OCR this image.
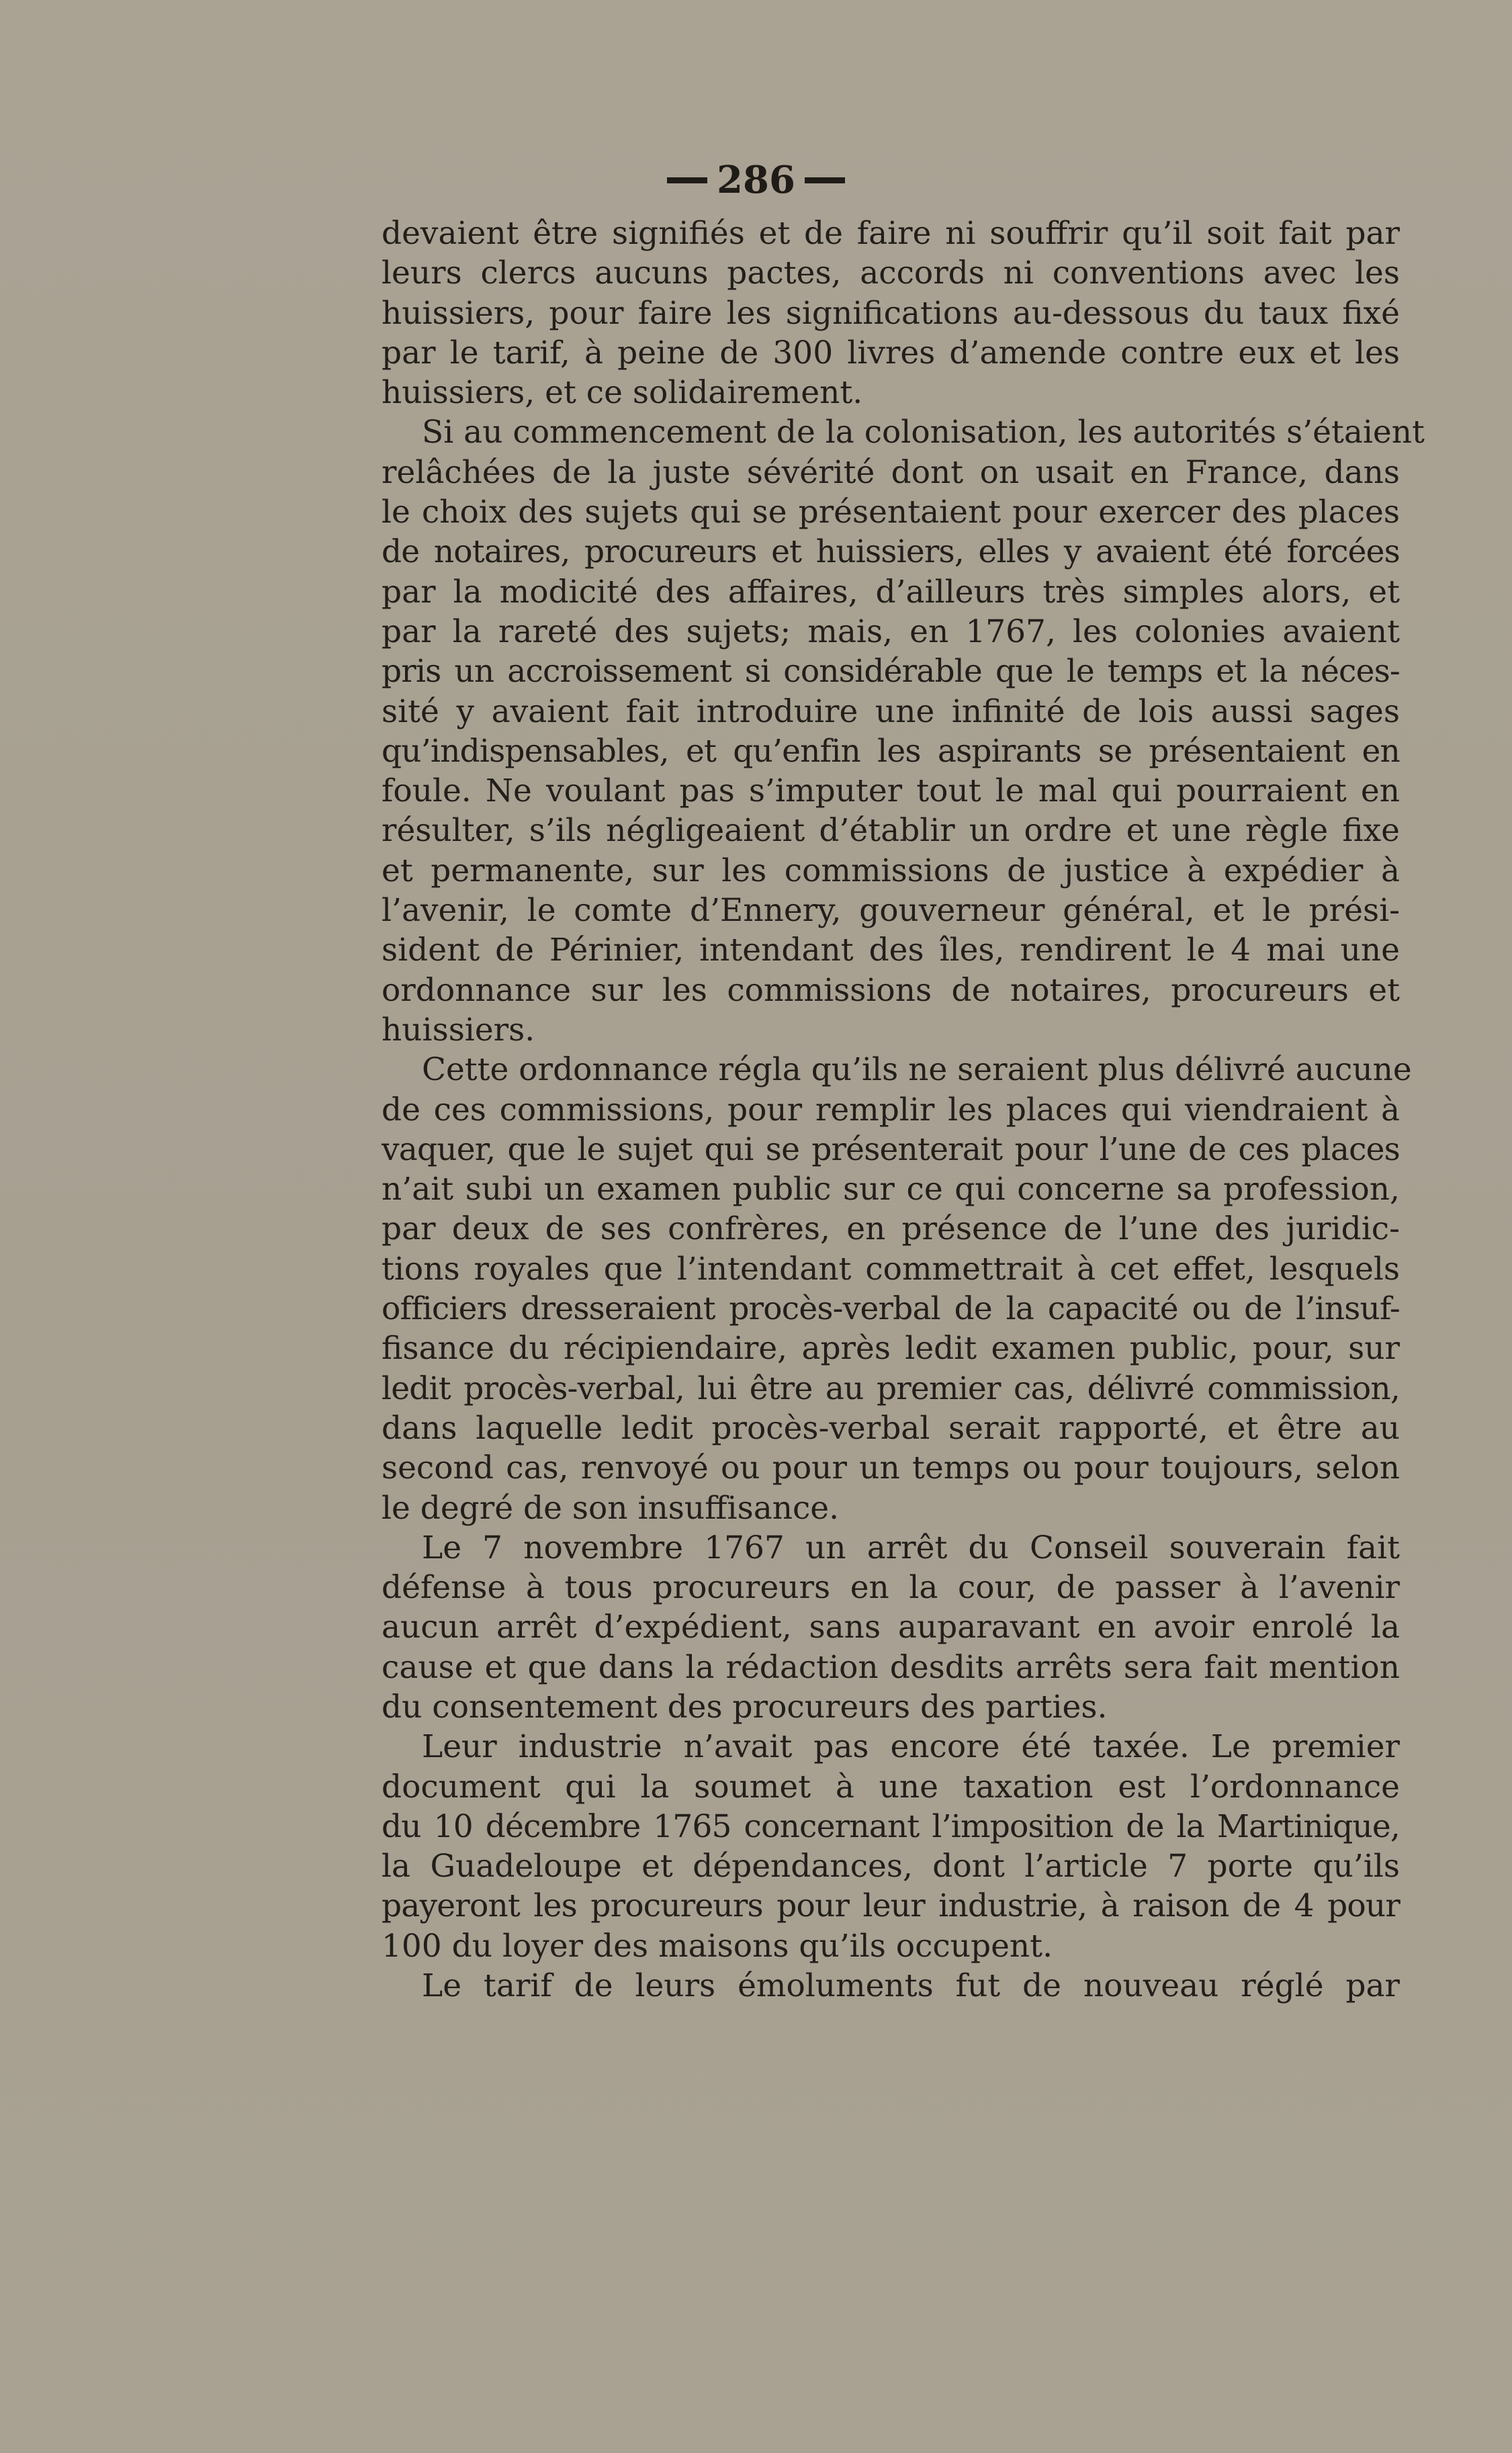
286
devaient être signifiés et de faire ni souffrir qu’il soit fait par
leurs clercs aucuns pactes, accords ni conventions avec les
huissiers, pour faire les significations au-dessous du taux fixé
par le tarif, à peine de 300 livres d’amende contre eux et les
huissiers, et ce solidairement.
Si au commencement de la colonisation, les autorités s’étaient
relâchées de la juste sévérité dont on usait en France, dans
le choix des sujets qui se présentaient pour exercer des places
de notaires, procureurs et huissiers, elles y avaient été forcées
par la modicité des affaires, d’ailleurs très simples alors, et
par la rareté des sujets; mais, en 1767, les colonies avaient
pris un accroissement si considérable que le temps et la néces-
sité y avaient fait introduire une infinité de lois aussi sages
qu’indispensables, et qu’enfin les aspirants se présentaient en
foule. Ne voulant pas s’imputer tout le mal qui pourraient en
résulter, s’ils négligeaient d’établir un ordre et une règle fixe
et permanente, sur les commissions de justice à expédier à
l’avenir, le comte d’Ennery, gouverneur général, et le prési-
sident de Périnier, intendant des îles, rendirent le 4 mai une
ordonnance sur les commissions de notaires, procureurs et
huissiers.
Cette ordonnance régla qu’ils ne seraient plus délivré aucune
de ces commissions, pour remplir les places qui viendraient à
vaquer, que le sujet qui se présenterait pour l’une de ces places
n’ait subi un examen public sur ce qui concerne sa profession,
par deux de ses confrères, en présence de l’une des juridic-
tions royales que l’intendant commettrait à cet effet, lesquels
officiers dresseraient procès-verbal de la capacité ou de l’insuf-
fisance du récipiendaire, après ledit examen public, pour, sur
ledit procès-verbal, lui être au premier cas, délivré commission,
dans laquelle ledit procès-verbal serait rapporté, et être au
second cas, renvoyé ou pour un temps ou pour toujours, selon
le degré de son insuffisance.
Le 7 novembre 1767 un arrêt du Conseil souverain fait
défense à tous procureurs en la cour, de passer à l’avenir
aucun arrêt d’expédient, sans auparavant en avoir enrolé la
cause et que dans la rédaction desdits arrêts sera fait mention
du consentement des procureurs des parties.
Leur industrie n’avait pas encore été taxée. Le premier
document qui la soumet à une taxation est l’ordonnance
du 10 décembre 1765 concernant l’imposition de la Martinique,
la Guadeloupe et dépendances, dont l’article 7 porte qu’ils
payeront les procureurs pour leur industrie, à raison de 4 pour
100 du loyer des maisons qu’ils occupent.
Le tarif de leurs émoluments fut de nouveau réglé par
